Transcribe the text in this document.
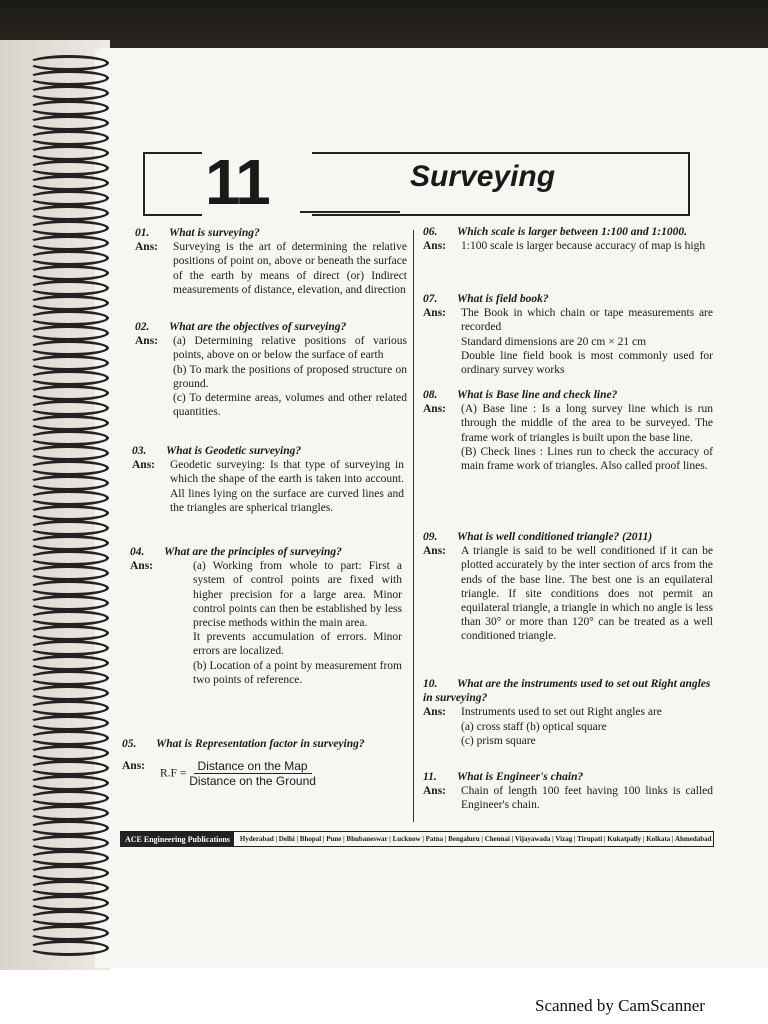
11	Surveying
01. What is surveying?
Ans:	Surveying is the art of determining the relative positions of point on, above or beneath the surface of the earth by means of direct (or) Indirect measurements of distance, elevation, and direction

02. What are the objectives of surveying?
Ans:	(a) Determining relative positions of various points, above on or below the surface of earth

(b) To mark the positions of proposed structure on ground.

(c) To determine areas, volumes and other related quantities.

03. What is Geodetic surveying?
Ans:	Geodetic surveying: Is that type of surveying in which the shape of the earth is taken into account. All lines lying on the surface are curved lines and the triangles are spherical triangles.

04. What are the principles of surveying?
Ans:	(a) Working from whole to part: First a system of control points are fixed with higher precision for a large area. Minor control points can then be established by less precise methods within the main area.

It prevents accumulation of errors. Minor errors are localized.

(b) Location of a point by measurement from two points of reference.

05. What is Representation factor in surveying?
Ans:
$R.F = \frac{\text{Distance on the Map}}{\text{Distance on the Ground}}$
06. Which scale is larger between 1:100 and 1:1000.
Ans:	1:100 scale is larger because accuracy of map is high

07. What is field book?
Ans:	The Book in which chain or tape measurements are recorded

Standard dimensions are 20 cm × 21 cm

Double line field book is most commonly used for ordinary survey works

08. What is Base line and check line?
Ans:	(A) Base line : Is a long survey line which is run through the middle of the area to be surveyed. The frame work of triangles is built upon the base line.

(B) Check lines : Lines run to check the accuracy of main frame work of triangles. Also called proof lines.

09. What is well conditioned triangle? (2011)
Ans:	A triangle is said to be well conditioned if it can be plotted accurately by the inter section of arcs from the ends of the base line. The best one is an equilateral triangle. If site conditions does not permit an equilateral triangle, a triangle in which no angle is less than 30° or more than 120° can be treated as a well conditioned triangle.

10. What are the instruments used to set out Right angles in surveying?
Ans:	Instruments used to set out Right angles are

(a) cross staff (b) optical square

(c) prism square

11. What is Engineer's chain?
Ans:	Chain of length 100 feet having 100 links is called Engineer's chain.

ACE Engineering Publications	Hyderabad | Delhi | Bhopal | Pune | Bhubaneswar | Lucknow | Patna | Bengaluru | Chennai | Vijayawada | Vizag | Tirupati | Kukatpally | Kolkata | Ahmedabad
Scanned by CamScanner
